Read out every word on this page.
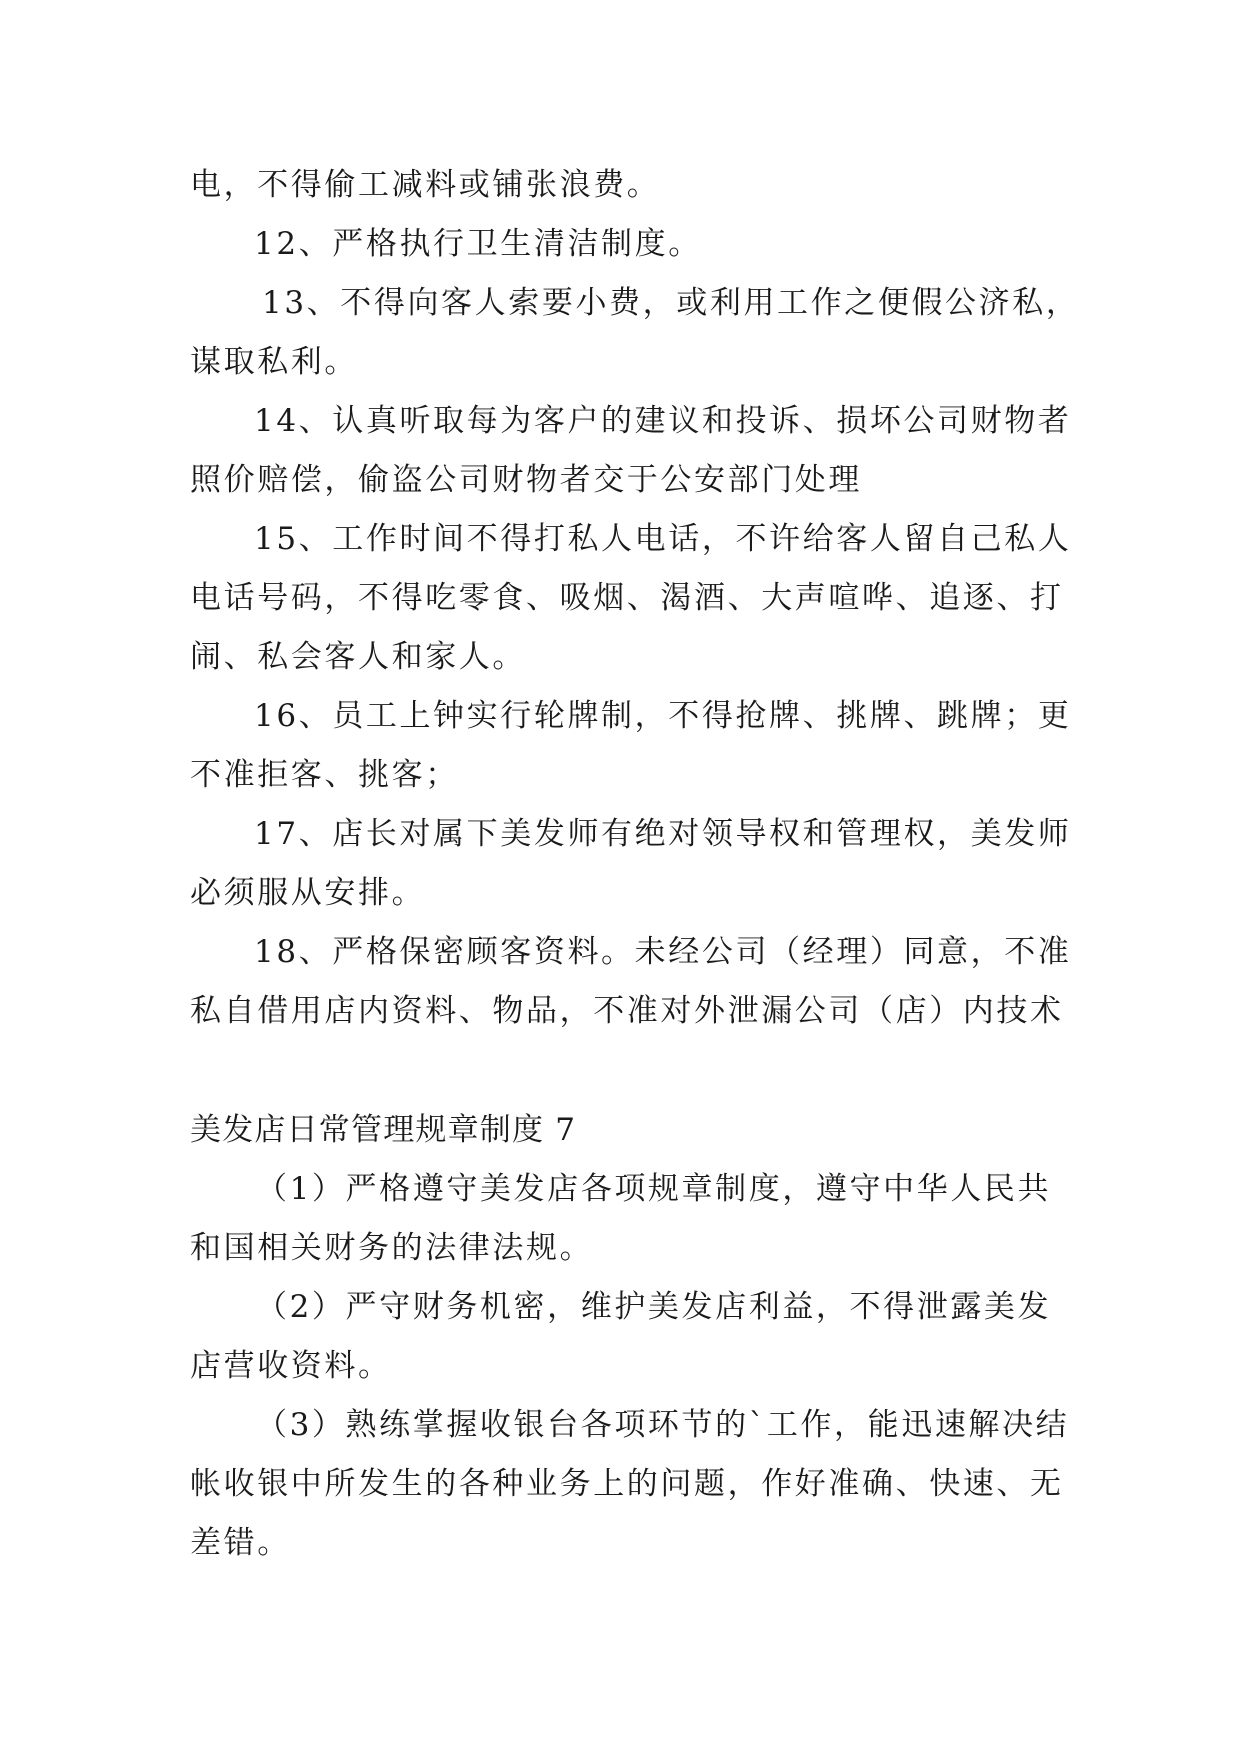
电，不得偷工减料或铺张浪费。
12、严格执行卫生清洁制度。
13、不得向客人索要小费，或利用工作之便假公济私，
谋取私利。
14、认真听取每为客户的建议和投诉、损坏公司财物者
照价赔偿，偷盗公司财物者交于公安部门处理
15、工作时间不得打私人电话，不许给客人留自己私人
电话号码，不得吃零食、吸烟、渴酒、大声喧哗、追逐、打
闹、私会客人和家人。
16、员工上钟实行轮牌制，不得抢牌、挑牌、跳牌；更
不准拒客、挑客；
17、店长对属下美发师有绝对领导权和管理权，美发师
必须服从安排。
18、严格保密顾客资料。未经公司（经理）同意，不准
私自借用店内资料、物品，不准对外泄漏公司（店）内技术
美发店日常管理规章制度 7
（1）严格遵守美发店各项规章制度，遵守中华人民共
和国相关财务的法律法规。
（2）严守财务机密，维护美发店利益，不得泄露美发
店营收资料。
（3）熟练掌握收银台各项环节的`工作，能迅速解决结
帐收银中所发生的各种业务上的问题，作好准确、快速、无
差错。
